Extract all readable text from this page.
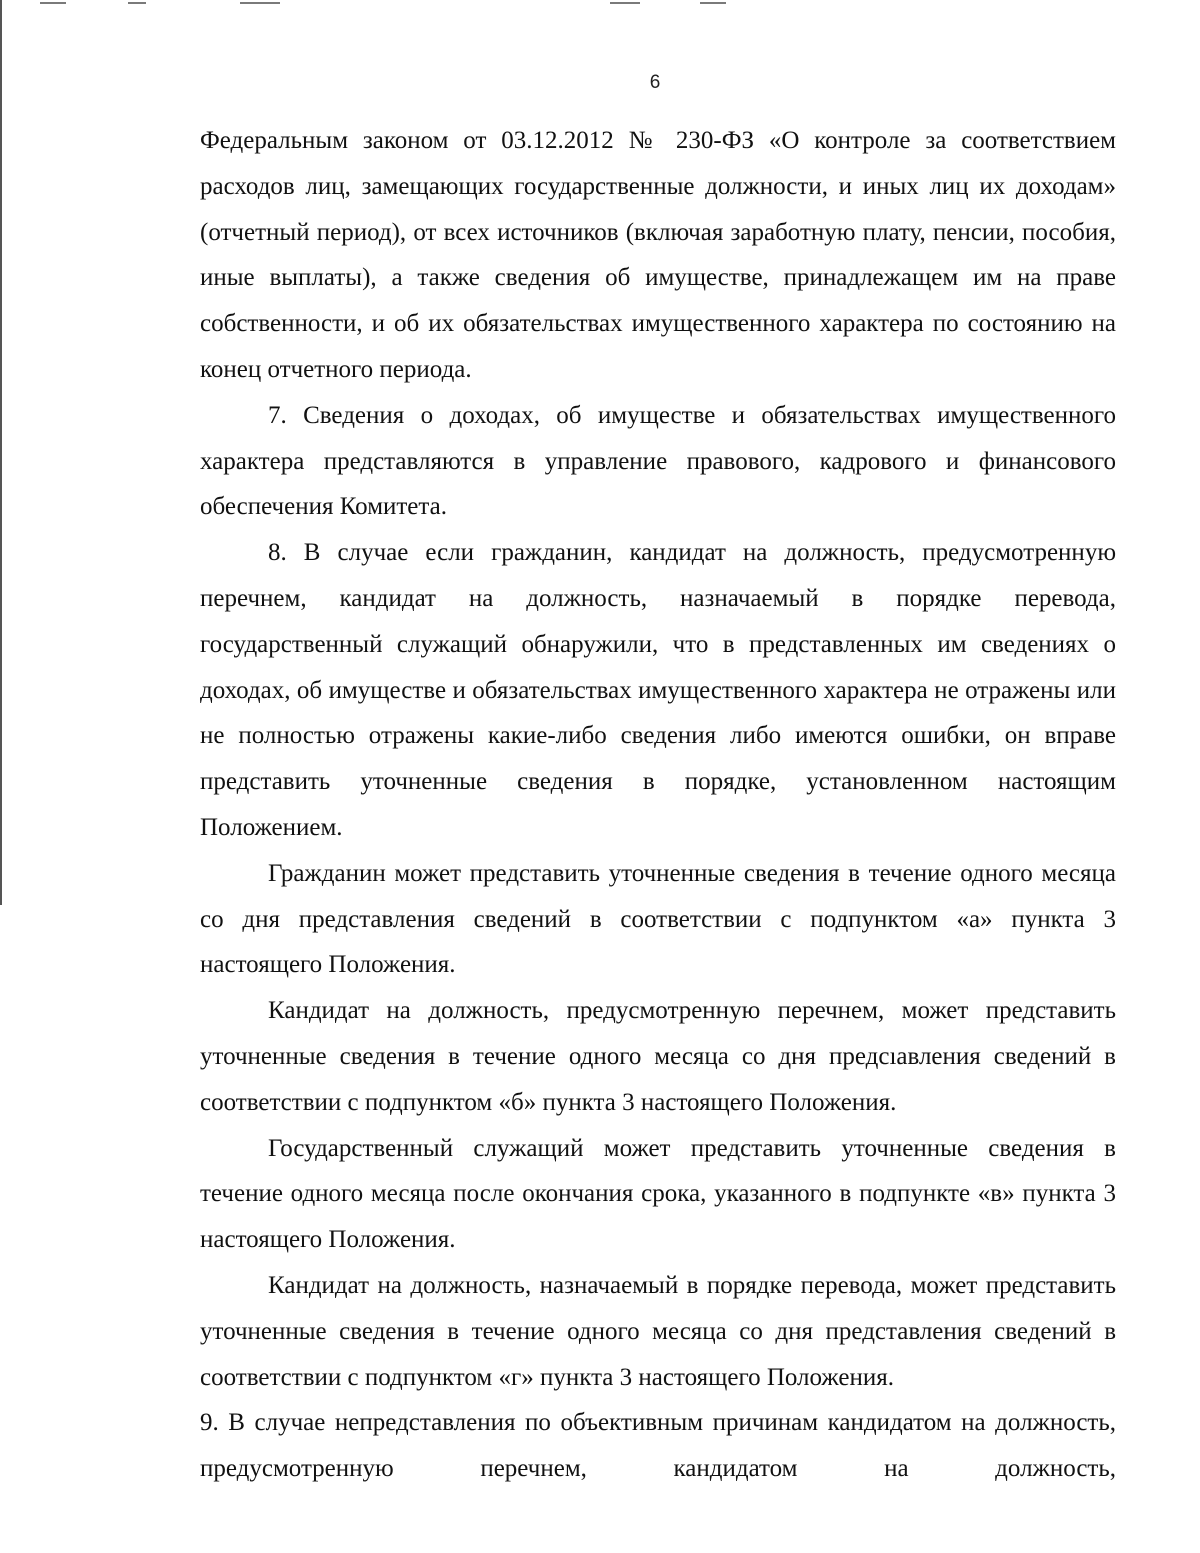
6

Федеральным законом от 03.12.2012 № 230-ФЗ «О контроле за соответствием расходов лиц, замещающих государственные должности, и иных лиц их доходам» (отчетный период), от всех источников (включая заработную плату, пенсии, пособия, иные выплаты), а также сведения об имуществе, принадлежащем им на праве собственности, и об их обязательствах имущественного характера по состоянию на конец отчетного периода.

7. Сведения о доходах, об имуществе и обязательствах имущественного характера представляются в управление правового, кадрового и финансового обеспечения Комитета.

8. В случае если гражданин, кандидат на должность, предусмотренную перечнем, кандидат на должность, назначаемый в порядке перевода, государственный служащий обнаружили, что в представленных им сведениях о доходах, об имуществе и обязательствах имущественного характера не отражены или не полностью отражены какие-либо сведения либо имеются ошибки, он вправе представить уточненные сведения в порядке, установленном настоящим Положением.

Гражданин может представить уточненные сведения в течение одного месяца со дня представления сведений в соответствии с подпунктом «а» пункта 3 настоящего Положения.

Кандидат на должность, предусмотренную перечнем, может представить уточненные сведения в течение одного месяца со дня предсıавления сведений в соответствии с подпунктом «б» пункта 3 настоящего Положения.

Государственный служащий может представить уточненные сведения в течение одного месяца после окончания срока, указанного в подпункте «в» пункта 3 настоящего Положения.

Кандидат на должность, назначаемый в порядке перевода, может представить уточненные сведения в течение одного месяца со дня представления сведений в соответствии с подпунктом «г» пункта 3 настоящего Положения.

9. В случае непредставления по объективным причинам кандидатом на должность, предусмотренную перечнем, кандидатом на должность,
